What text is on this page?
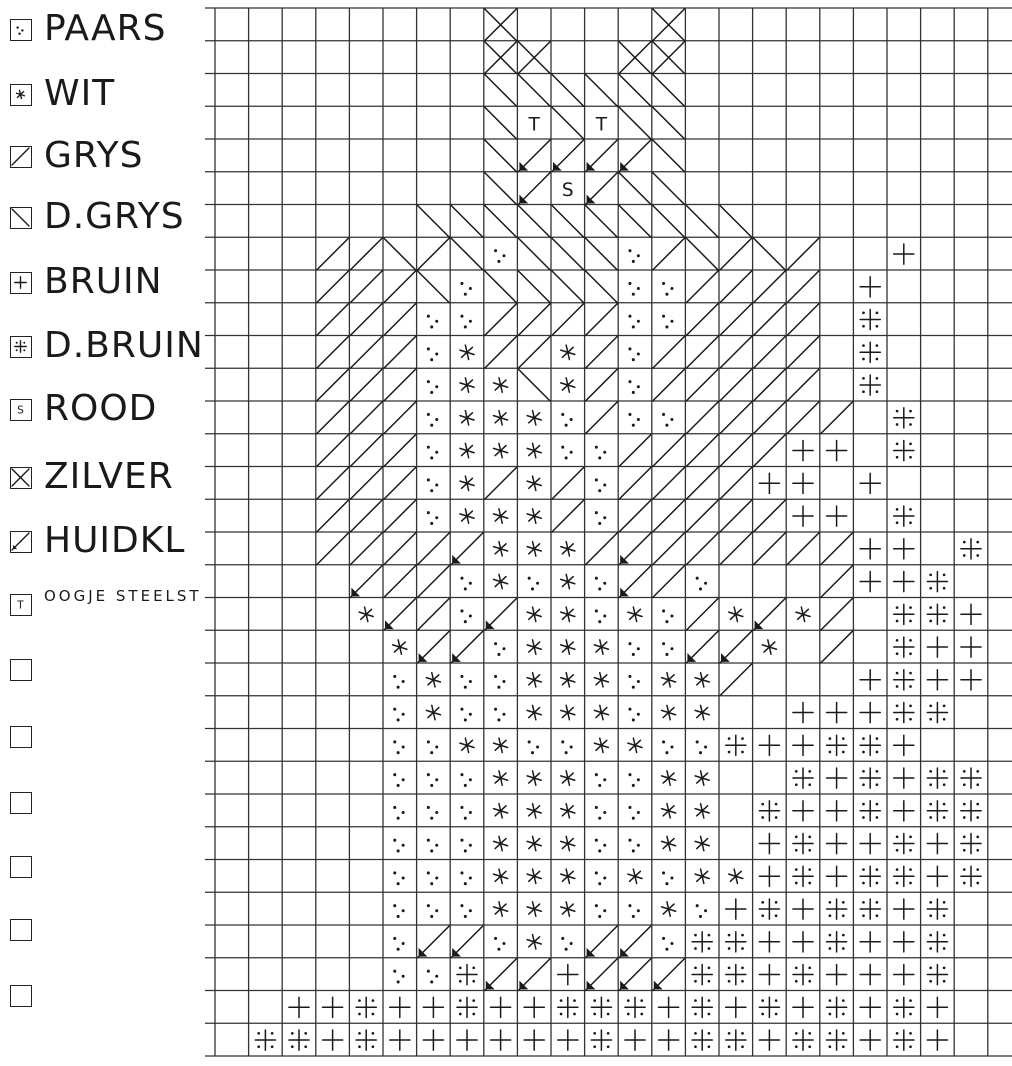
PAARS
WIT
GRYS
D.GRYS
BRUIN
D.BRUIN
S ROOD
ZILVER
HUIDKL
T
OOGJE STEELST
T	T
S
